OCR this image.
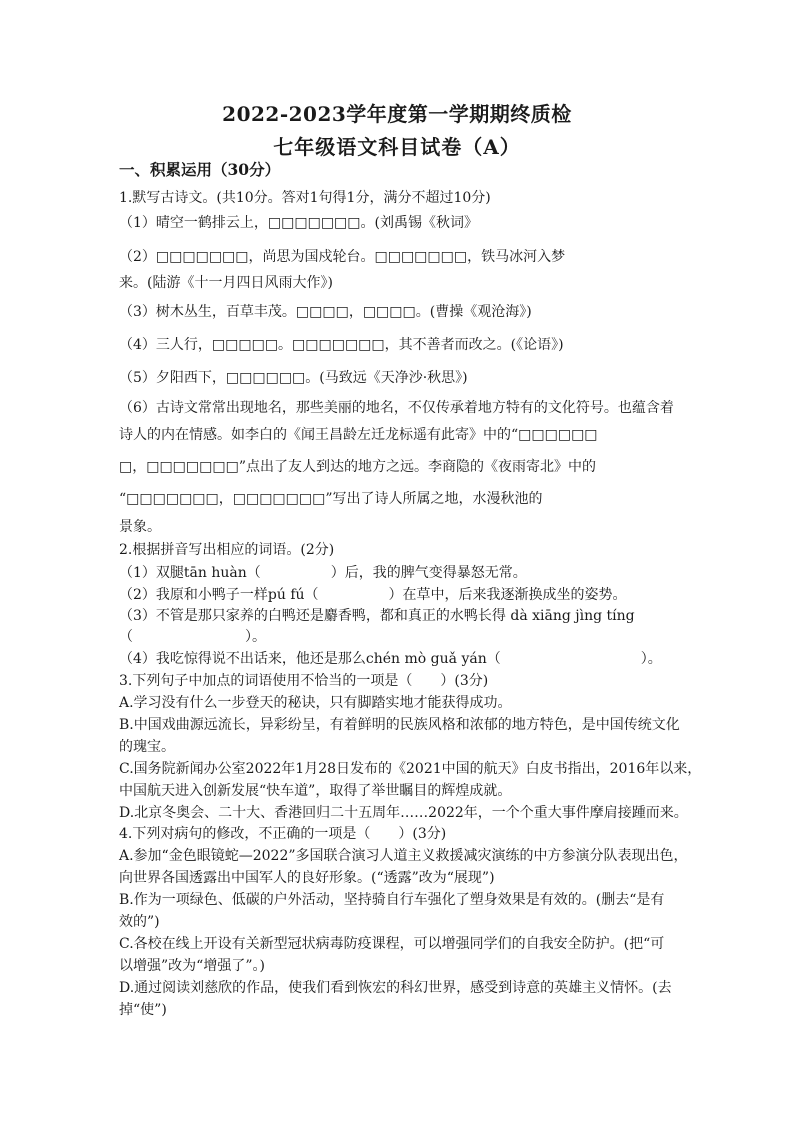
2022-2023学年度第一学期期终质检
七年级语文科目试卷（A）
一、积累运用（30分）
1.默写古诗文。(共10分。答对1句得1分，满分不超过10分)
（1）晴空一鹤排云上，□□□□□□□。(刘禹锡《秋词》
（2）□□□□□□□，尚思为国戍轮台。□□□□□□□，铁马冰河入梦
来。(陆游《十一月四日风雨大作》)
（3）树木丛生，百草丰茂。□□□□，□□□□。(曹操《观沧海》)
（4）三人行，□□□□□。□□□□□□□，其不善者而改之。(《论语》)
（5）夕阳西下，□□□□□□。(马致远《天净沙·秋思》)
（6）古诗文常常出现地名，那些美丽的地名，不仅传承着地方特有的文化符号。也蕴含着
诗人的内在情感。如李白的《闻王昌龄左迁龙标遥有此寄》中的“□□□□□□
□，□□□□□□□”点出了友人到达的地方之远。李商隐的《夜雨寄北》中的
“□□□□□□□，□□□□□□□”写出了诗人所属之地，水漫秋池的
景象。
2.根据拼音写出相应的词语。(2分)
（1）双腿tān huàn（　　　　　）后，我的脾气变得暴怒无常。
（2）我原和小鸭子一样pú fú（　　　　　）在草中，后来我逐渐换成坐的姿势。
（3）不管是那只家养的白鸭还是麝香鸭，都和真正的水鸭长得 dà xiāng jìng tíng
（　　　　　　　　）。
（4）我吃惊得说不出话来，他还是那么chén mò guǎ yán（　　　　　　　　　　）。
3.下列句子中加点的词语使用不恰当的一项是（　　）(3分)
A.学习没有什么一步登天的秘诀，只有脚踏实地才能获得成功。
B.中国戏曲源远流长，异彩纷呈，有着鲜明的民族风格和浓郁的地方特色，是中国传统文化
的瑰宝。
C.国务院新闻办公室2022年1月28日发布的《2021中国的航天》白皮书指出，2016年以来，
中国航天进入创新发展“快车道”，取得了举世瞩目的辉煌成就。
D.北京冬奥会、二十大、香港回归二十五周年……2022年，一个个重大事件摩肩接踵而来。
4.下列对病句的修改，不正确的一项是（　　）(3分)
A.参加“金色眼镜蛇—2022”多国联合演习人道主义救援减灾演练的中方参演分队表现出色，
向世界各国透露出中国军人的良好形象。(“透露”改为“展现”)
B.作为一项绿色、低碳的户外活动，坚持骑自行车强化了塑身效果是有效的。(删去“是有
效的”)
C.各校在线上开设有关新型冠状病毒防疫课程，可以增强同学们的自我安全防护。(把“可
以增强”改为“增强了”。)
D.通过阅读刘慈欣的作品，使我们看到恢宏的科幻世界，感受到诗意的英雄主义情怀。(去
掉“使”)
